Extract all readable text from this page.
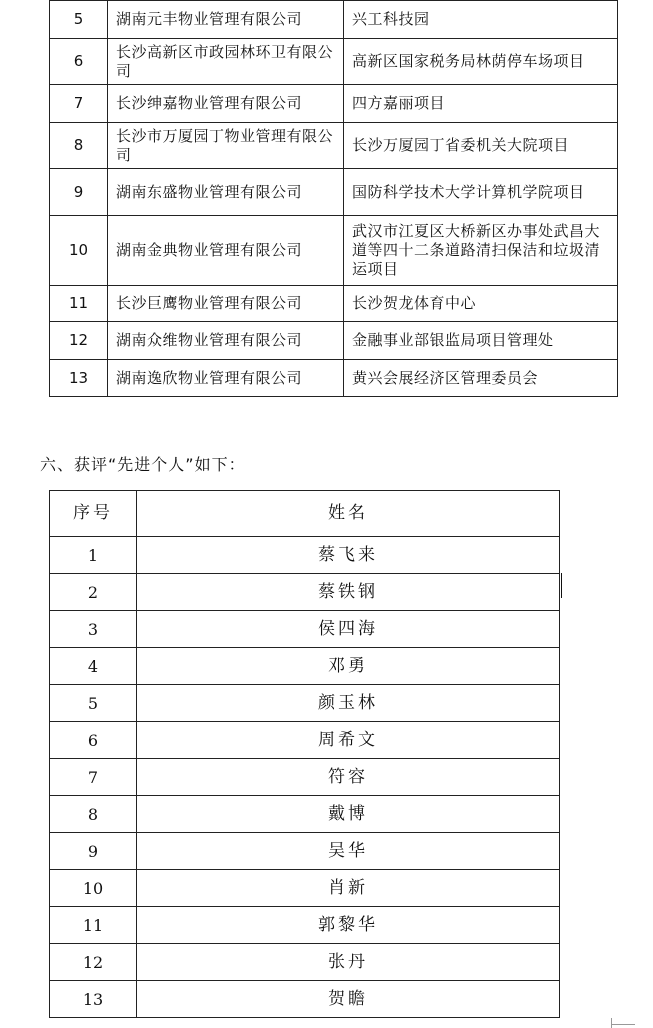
5	湖南元丰物业管理有限公司	兴工科技园
6	长沙高新区市政园林环卫有限公司	高新区国家税务局林荫停车场项目
7	长沙绅嘉物业管理有限公司	四方嘉丽项目
8	长沙市万厦园丁物业管理有限公司	长沙万厦园丁省委机关大院项目
9	湖南东盛物业管理有限公司	国防科学技术大学计算机学院项目
10	湖南金典物业管理有限公司	武汉市江夏区大桥新区办事处武昌大道等四十二条道路清扫保洁和垃圾清运项目
11	长沙巨鹰物业管理有限公司	长沙贺龙体育中心
12	湖南众维物业管理有限公司	金融事业部银监局项目管理处
13	湖南逸欣物业管理有限公司	黄兴会展经济区管理委员会
六、获评“先进个人”如下：
序号	姓名
1	蔡飞来
2	蔡铁钢
3	侯四海
4	邓勇
5	颜玉林
6	周希文
7	符容
8	戴博
9	吴华
10	肖新
11	郭黎华
12	张丹
13	贺瞻
